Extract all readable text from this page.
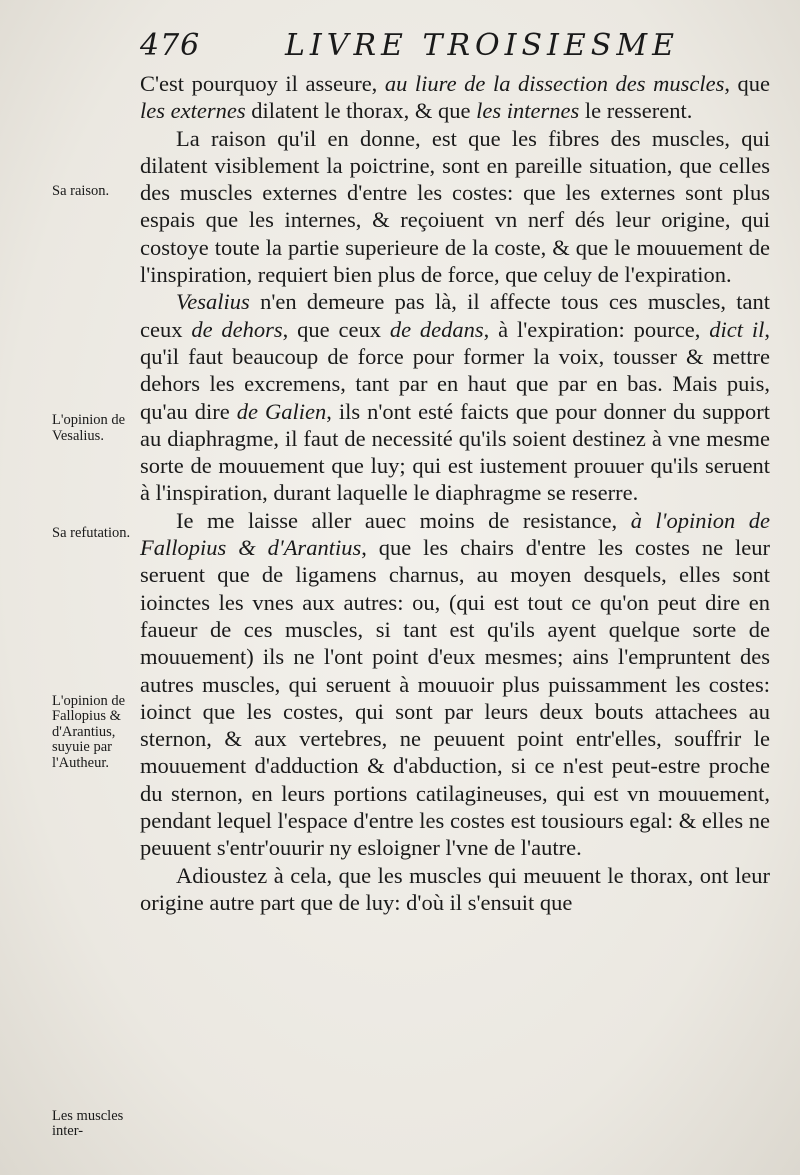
476	LIVRE TROISIESME

C'est pourquoy il asseure, au liure de la dissection des muscles, que les externes dilatent le thorax, & que les internes le resserent.

La raison qu'il en donne, est que les fibres des muscles, qui dilatent visiblement la poictrine, sont en pareille situation, que celles des muscles externes d'entre les costes: que les externes sont plus espais que les internes, & reçoiuent vn nerf dés leur origine, qui costoye toute la partie superieure de la coste, & que le mouuement de l'inspiration, requiert bien plus de force, que celuy de l'expiration.

Vesalius n'en demeure pas là, il affecte tous ces muscles, tant ceux de dehors, que ceux de dedans, à l'expiration: pource, dict il, qu'il faut beaucoup de force pour former la voix, tousser & mettre dehors les excremens, tant par en haut que par en bas. Mais puis, qu'au dire de Galien, ils n'ont esté faicts que pour donner du support au diaphragme, il faut de necessité qu'ils soient destinez à vne mesme sorte de mouuement que luy; qui est iustement prouuer qu'ils seruent à l'inspiration, durant laquelle le diaphragme se reserre.

Ie me laisse aller auec moins de resistance, à l'opinion de Fallopius & d'Arantius, que les chairs d'entre les costes ne leur seruent que de ligamens charnus, au moyen desquels, elles sont ioinctes les vnes aux autres: ou, (qui est tout ce qu'on peut dire en faueur de ces muscles, si tant est qu'ils ayent quelque sorte de mouuement) ils ne l'ont point d'eux mesmes; ains l'empruntent des autres muscles, qui seruent à mouuoir plus puissamment les costes: ioinct que les costes, qui sont par leurs deux bouts attachees au sternon, & aux vertebres, ne peuuent point entr'elles, souffrir le mouuement d'adduction & d'abduction, si ce n'est peut-estre proche du sternon, en leurs portions catilagineuses, qui est vn mouuement, pendant lequel l'espace d'entre les costes est tousiours egal: & elles ne peuuent s'entr'ouurir ny esloigner l'vne de l'autre.

Adioustez à cela, que les muscles qui meuuent le thorax, ont leur origine autre part que de luy: d'où il s'ensuit que

Sa raison.
L'opinion de Vesalius.
Sa refutation.
L'opinion de Fallopius & d'Arantius, suyuie par l'Autheur.
Les muscles inter-
